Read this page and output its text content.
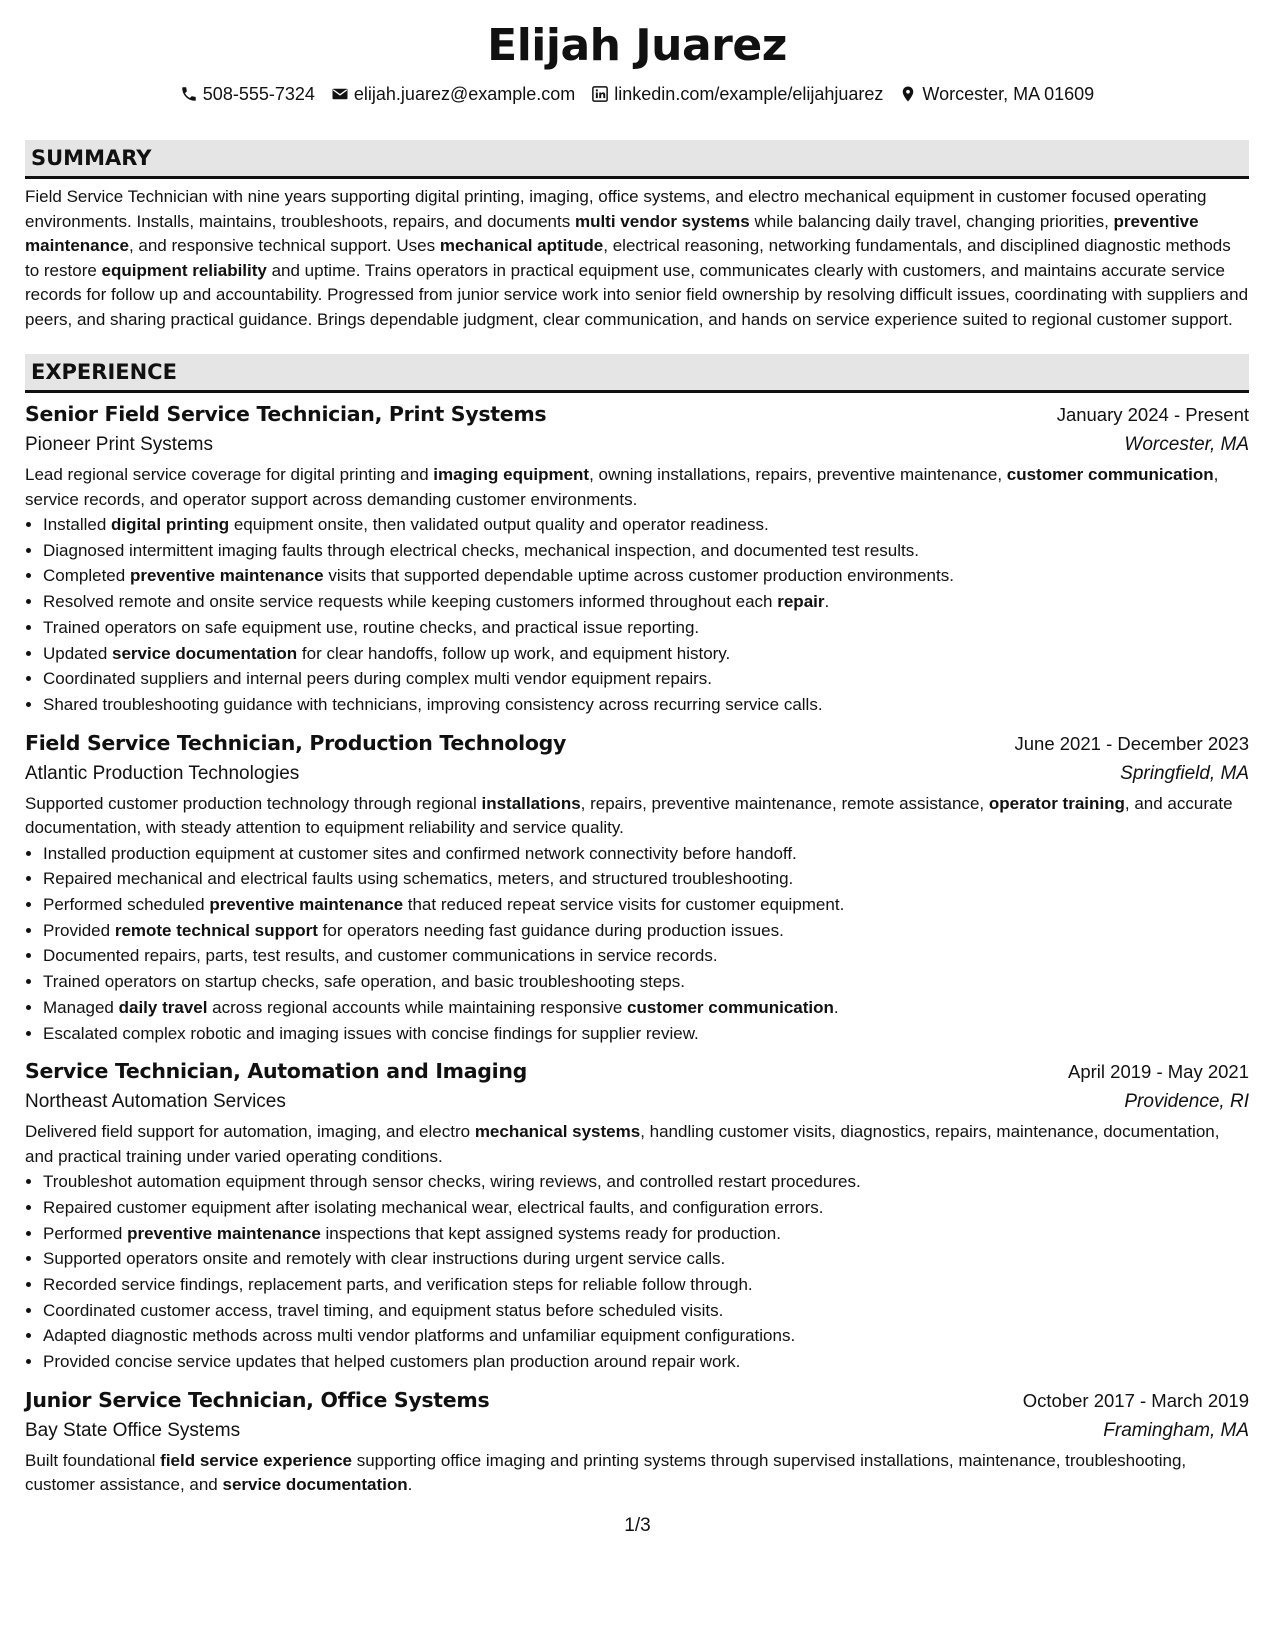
Elijah Juarez
508-555-7324 elijah.juarez@example.com linkedin.com/example/elijahjuarez Worcester, MA 01609
SUMMARY
Field Service Technician with nine years supporting digital printing, imaging, office systems, and electro mechanical equipment in customer focused operating environments. Installs, maintains, troubleshoots, repairs, and documents multi vendor systems while balancing daily travel, changing priorities, preventive maintenance, and responsive technical support. Uses mechanical aptitude, electrical reasoning, networking fundamentals, and disciplined diagnostic methods to restore equipment reliability and uptime. Trains operators in practical equipment use, communicates clearly with customers, and maintains accurate service records for follow up and accountability. Progressed from junior service work into senior field ownership by resolving difficult issues, coordinating with suppliers and peers, and sharing practical guidance. Brings dependable judgment, clear communication, and hands on service experience suited to regional customer support.
EXPERIENCE
Senior Field Service Technician, Print Systems	January 2024 - Present
Pioneer Print Systems	Worcester, MA
Lead regional service coverage for digital printing and imaging equipment, owning installations, repairs, preventive maintenance, customer communication, service records, and operator support across demanding customer environments.
• Installed digital printing equipment onsite, then validated output quality and operator readiness.
• Diagnosed intermittent imaging faults through electrical checks, mechanical inspection, and documented test results.
• Completed preventive maintenance visits that supported dependable uptime across customer production environments.
• Resolved remote and onsite service requests while keeping customers informed throughout each repair.
• Trained operators on safe equipment use, routine checks, and practical issue reporting.
• Updated service documentation for clear handoffs, follow up work, and equipment history.
• Coordinated suppliers and internal peers during complex multi vendor equipment repairs.
• Shared troubleshooting guidance with technicians, improving consistency across recurring service calls.
Field Service Technician, Production Technology	June 2021 - December 2023
Atlantic Production Technologies	Springfield, MA
Supported customer production technology through regional installations, repairs, preventive maintenance, remote assistance, operator training, and accurate documentation, with steady attention to equipment reliability and service quality.
• Installed production equipment at customer sites and confirmed network connectivity before handoff.
• Repaired mechanical and electrical faults using schematics, meters, and structured troubleshooting.
• Performed scheduled preventive maintenance that reduced repeat service visits for customer equipment.
• Provided remote technical support for operators needing fast guidance during production issues.
• Documented repairs, parts, test results, and customer communications in service records.
• Trained operators on startup checks, safe operation, and basic troubleshooting steps.
• Managed daily travel across regional accounts while maintaining responsive customer communication.
• Escalated complex robotic and imaging issues with concise findings for supplier review.
Service Technician, Automation and Imaging	April 2019 - May 2021
Northeast Automation Services	Providence, RI
Delivered field support for automation, imaging, and electro mechanical systems, handling customer visits, diagnostics, repairs, maintenance, documentation, and practical training under varied operating conditions.
• Troubleshot automation equipment through sensor checks, wiring reviews, and controlled restart procedures.
• Repaired customer equipment after isolating mechanical wear, electrical faults, and configuration errors.
• Performed preventive maintenance inspections that kept assigned systems ready for production.
• Supported operators onsite and remotely with clear instructions during urgent service calls.
• Recorded service findings, replacement parts, and verification steps for reliable follow through.
• Coordinated customer access, travel timing, and equipment status before scheduled visits.
• Adapted diagnostic methods across multi vendor platforms and unfamiliar equipment configurations.
• Provided concise service updates that helped customers plan production around repair work.
Junior Service Technician, Office Systems	October 2017 - March 2019
Bay State Office Systems	Framingham, MA
Built foundational field service experience supporting office imaging and printing systems through supervised installations, maintenance, troubleshooting, customer assistance, and service documentation.
1/3
